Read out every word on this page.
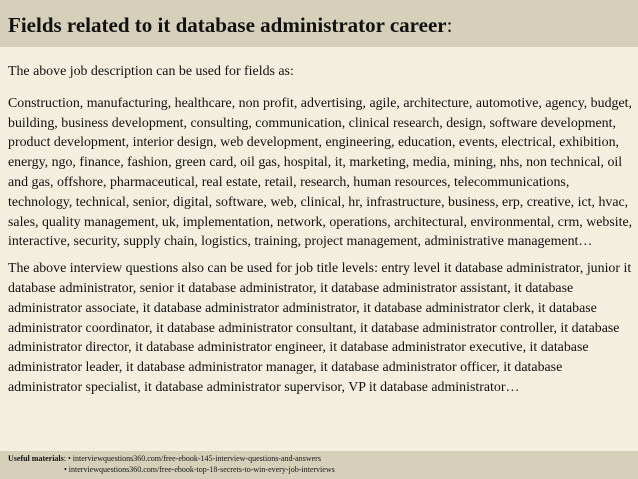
Fields related to it database administrator career:

The above job description can be used for fields as:

Construction, manufacturing, healthcare, non profit, advertising, agile, architecture, automotive, agency, budget, building, business development, consulting, communication, clinical research, design, software development, product development, interior design, web development, engineering, education, events, electrical, exhibition, energy, ngo, finance, fashion, green card, oil gas, hospital, it, marketing, media, mining, nhs, non technical, oil and gas, offshore, pharmaceutical, real estate, retail, research, human resources, telecommunications, technology, technical, senior, digital, software, web, clinical, hr, infrastructure, business, erp, creative, ict, hvac, sales, quality management, uk, implementation, network, operations, architectural, environmental, crm, website, interactive, security, supply chain, logistics, training, project management, administrative management…

The above interview questions also can be used for job title levels: entry level it database administrator, junior it database administrator, senior it database administrator, it database administrator assistant, it database administrator associate, it database administrator administrator, it database administrator clerk, it database administrator coordinator, it database administrator consultant, it database administrator controller, it database administrator director, it database administrator engineer, it database administrator executive, it database administrator leader, it database administrator manager, it database administrator officer, it database administrator specialist, it database administrator supervisor, VP it database administrator…

Useful materials: • interviewquestions360.com/free-ebook-145-interview-questions-and-answers
• interviewquestions360.com/free-ebook-top-18-secrets-to-win-every-job-interviews
